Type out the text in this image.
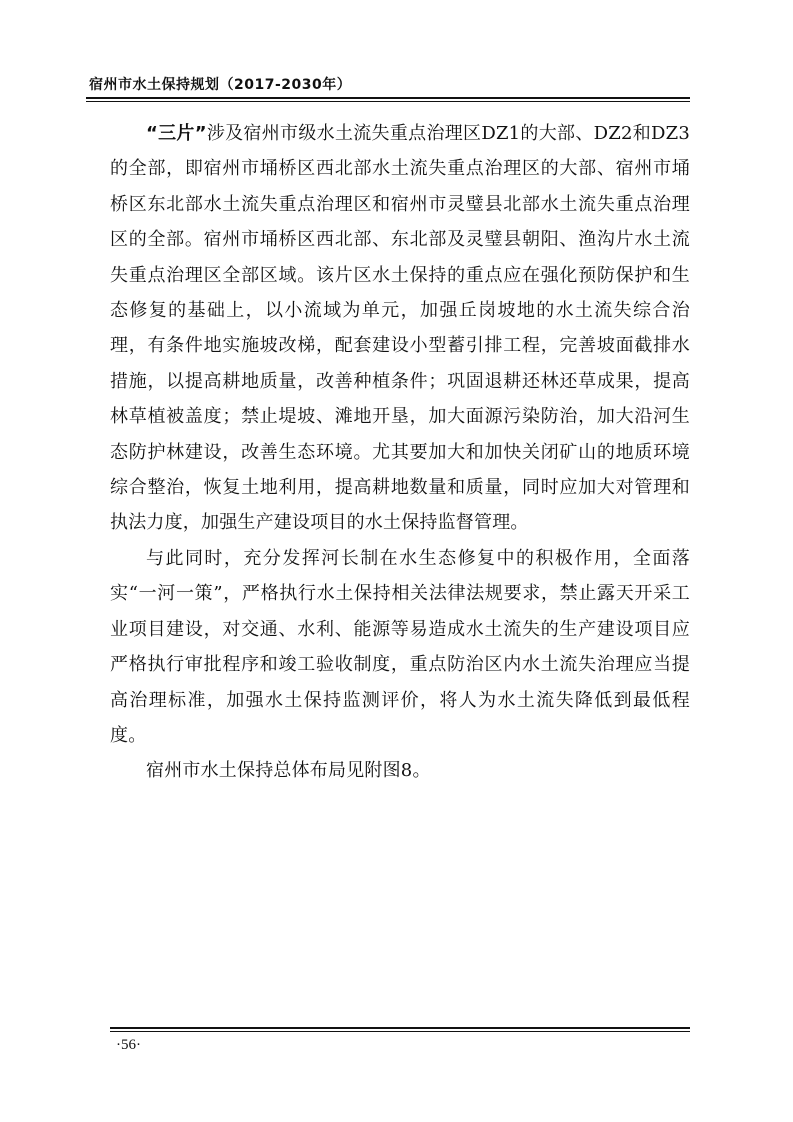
宿州市水土保持规划（2017-2030年）

“三片”涉及宿州市级水土流失重点治理区DZ1的大部、DZ2和DZ3的全部，即宿州市埇桥区西北部水土流失重点治理区的大部、宿州市埇桥区东北部水土流失重点治理区和宿州市灵璧县北部水土流失重点治理区的全部。宿州市埇桥区西北部、东北部及灵璧县朝阳、渔沟片水土流失重点治理区全部区域。该片区水土保持的重点应在强化预防保护和生态修复的基础上，以小流域为单元，加强丘岗坡地的水土流失综合治理，有条件地实施坡改梯，配套建设小型蓄引排工程，完善坡面截排水措施，以提高耕地质量，改善种植条件；巩固退耕还林还草成果，提高林草植被盖度；禁止堤坡、滩地开垦，加大面源污染防治，加大沿河生态防护林建设，改善生态环境。尤其要加大和加快关闭矿山的地质环境综合整治，恢复土地利用，提高耕地数量和质量，同时应加大对管理和执法力度，加强生产建设项目的水土保持监督管理。

与此同时，充分发挥河长制在水生态修复中的积极作用，全面落实“一河一策”，严格执行水土保持相关法律法规要求，禁止露天开采工业项目建设，对交通、水利、能源等易造成水土流失的生产建设项目应严格执行审批程序和竣工验收制度，重点防治区内水土流失治理应当提高治理标准，加强水土保持监测评价，将人为水土流失降低到最低程度。

宿州市水土保持总体布局见附图8。

·56·
